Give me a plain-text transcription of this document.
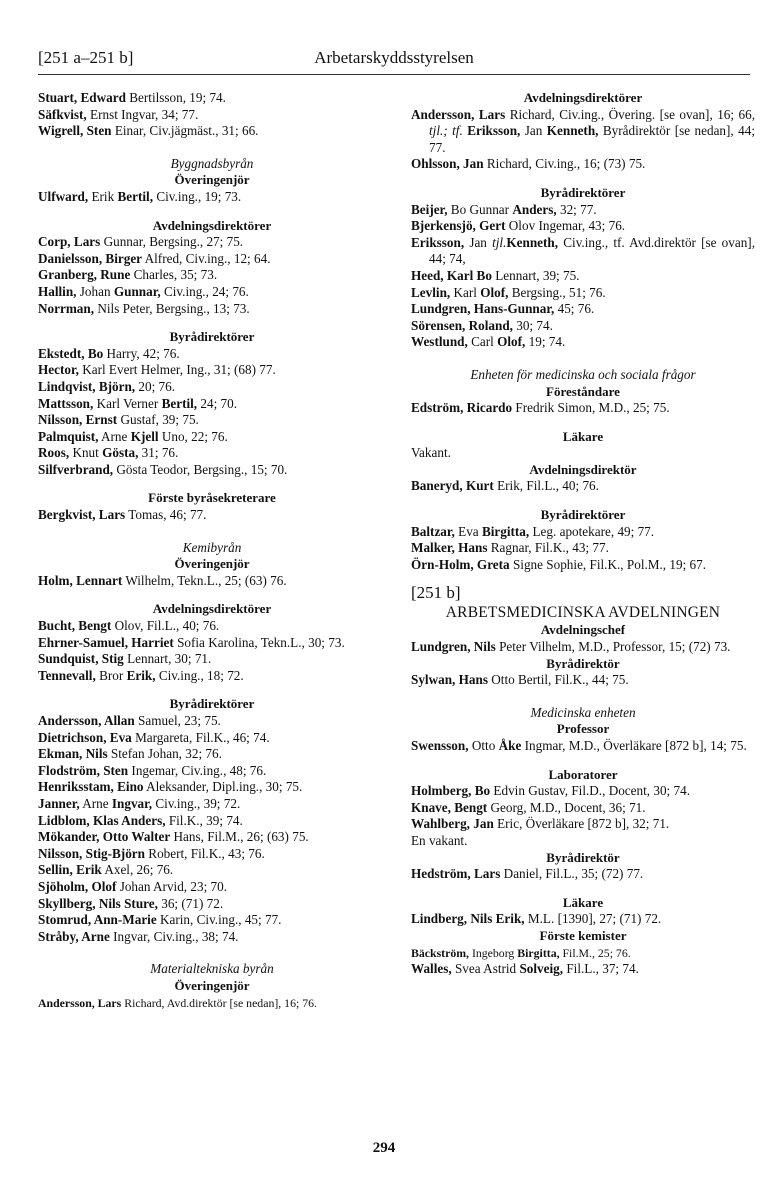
[251 a–251 b]	Arbetarskyddsstyrelsen
Stuart, Edward Bertilsson, 19; 74.
Säfkvist, Ernst Ingvar, 34; 77.
Wigrell, Sten Einar, Civ.jägmäst., 31; 66.
Byggnadsbyrån
Överingenjör
Ulfward, Erik Bertil, Civ.ing., 19; 73.
Avdelningsdirektörer
Corp, Lars Gunnar, Bergsing., 27; 75.
Danielsson, Birger Alfred, Civ.ing., 12; 64.
Granberg, Rune Charles, 35; 73.
Hallin, Johan Gunnar, Civ.ing., 24; 76.
Norrman, Nils Peter, Bergsing., 13; 73.
Byrådirektörer
Ekstedt, Bo Harry, 42; 76.
Hector, Karl Evert Helmer, Ing., 31; (68) 77.
Lindqvist, Björn, 20; 76.
Mattsson, Karl Verner Bertil, 24; 70.
Nilsson, Ernst Gustaf, 39; 75.
Palmquist, Arne Kjell Uno, 22; 76.
Roos, Knut Gösta, 31; 76.
Silfverbrand, Gösta Teodor, Bergsing., 15; 70.
Förste byråsekreterare
Bergkvist, Lars Tomas, 46; 77.
Kemibyrån
Överingenjör
Holm, Lennart Wilhelm, Tekn.L., 25; (63) 76.
Avdelningsdirektörer
Bucht, Bengt Olov, Fil.L., 40; 76.
Ehrner-Samuel, Harriet Sofia Karolina, Tekn.L., 30; 73.
Sundquist, Stig Lennart, 30; 71.
Tennevall, Bror Erik, Civ.ing., 18; 72.
Byrådirektörer
Andersson, Allan Samuel, 23; 75.
Dietrichson, Eva Margareta, Fil.K., 46; 74.
Ekman, Nils Stefan Johan, 32; 76.
Flodström, Sten Ingemar, Civ.ing., 48; 76.
Henriksstam, Eino Aleksander, Dipl.ing., 30; 75.
Janner, Arne Ingvar, Civ.ing., 39; 72.
Lidblom, Klas Anders, Fil.K., 39; 74.
Mökander, Otto Walter Hans, Fil.M., 26; (63) 75.
Nilsson, Stig-Björn Robert, Fil.K., 43; 76.
Sellin, Erik Axel, 26; 76.
Sjöholm, Olof Johan Arvid, 23; 70.
Skyllberg, Nils Sture, 36; (71) 72.
Stomrud, Ann-Marie Karin, Civ.ing., 45; 77.
Stråby, Arne Ingvar, Civ.ing., 38; 74.
Materialtekniska byrån
Överingenjör
Andersson, Lars Richard, Avd.direktör [se nedan], 16; 76.
Avdelningsdirektörer
Andersson, Lars Richard, Civ.ing., Övering. [se ovan], 16; 66, tjl.; tf. Eriksson, Jan Kenneth, Byrådirektör [se nedan], 44; 77.
Ohlsson, Jan Richard, Civ.ing., 16; (73) 75.
Byrådirektörer
Beijer, Bo Gunnar Anders, 32; 77.
Bjerkensjö, Gert Olov Ingemar, 43; 76.
Eriksson, Jan tjl.Kenneth, Civ.ing., tf. Avd.direktör [se ovan], 44; 74,
Heed, Karl Bo Lennart, 39; 75.
Levlin, Karl Olof, Bergsing., 51; 76.
Lundgren, Hans-Gunnar, 45; 76.
Sörensen, Roland, 30; 74.
Westlund, Carl Olof, 19; 74.
Enheten för medicinska och sociala frågor
Föreståndare
Edström, Ricardo Fredrik Simon, M.D., 25; 75.
Läkare
Vakant.
Avdelningsdirektör
Baneryd, Kurt Erik, Fil.L., 40; 76.
Byrådirektörer
Baltzar, Eva Birgitta, Leg. apotekare, 49; 77.
Malker, Hans Ragnar, Fil.K., 43; 77.
Örn-Holm, Greta Signe Sophie, Fil.K., Pol.M., 19; 67.
[251 b]
ARBETSMEDICINSKA AVDELNINGEN
Avdelningschef
Lundgren, Nils Peter Vilhelm, M.D., Professor, 15; (72) 73.
Byrådirektör
Sylwan, Hans Otto Bertil, Fil.K., 44; 75.
Medicinska enheten
Professor
Swensson, Otto Åke Ingmar, M.D., Överläkare [872 b], 14; 75.
Laboratorer
Holmberg, Bo Edvin Gustav, Fil.D., Docent, 30; 74.
Knave, Bengt Georg, M.D., Docent, 36; 71.
Wahlberg, Jan Eric, Överläkare [872 b], 32; 71.
En vakant.
Byrådirektör
Hedström, Lars Daniel, Fil.L., 35; (72) 77.
Läkare
Lindberg, Nils Erik, M.L. [1390], 27; (71) 72.
Förste kemister
Bäckström, Ingeborg Birgitta, Fil.M., 25; 76.
Walles, Svea Astrid Solveig, Fil.L., 37; 74.
294
